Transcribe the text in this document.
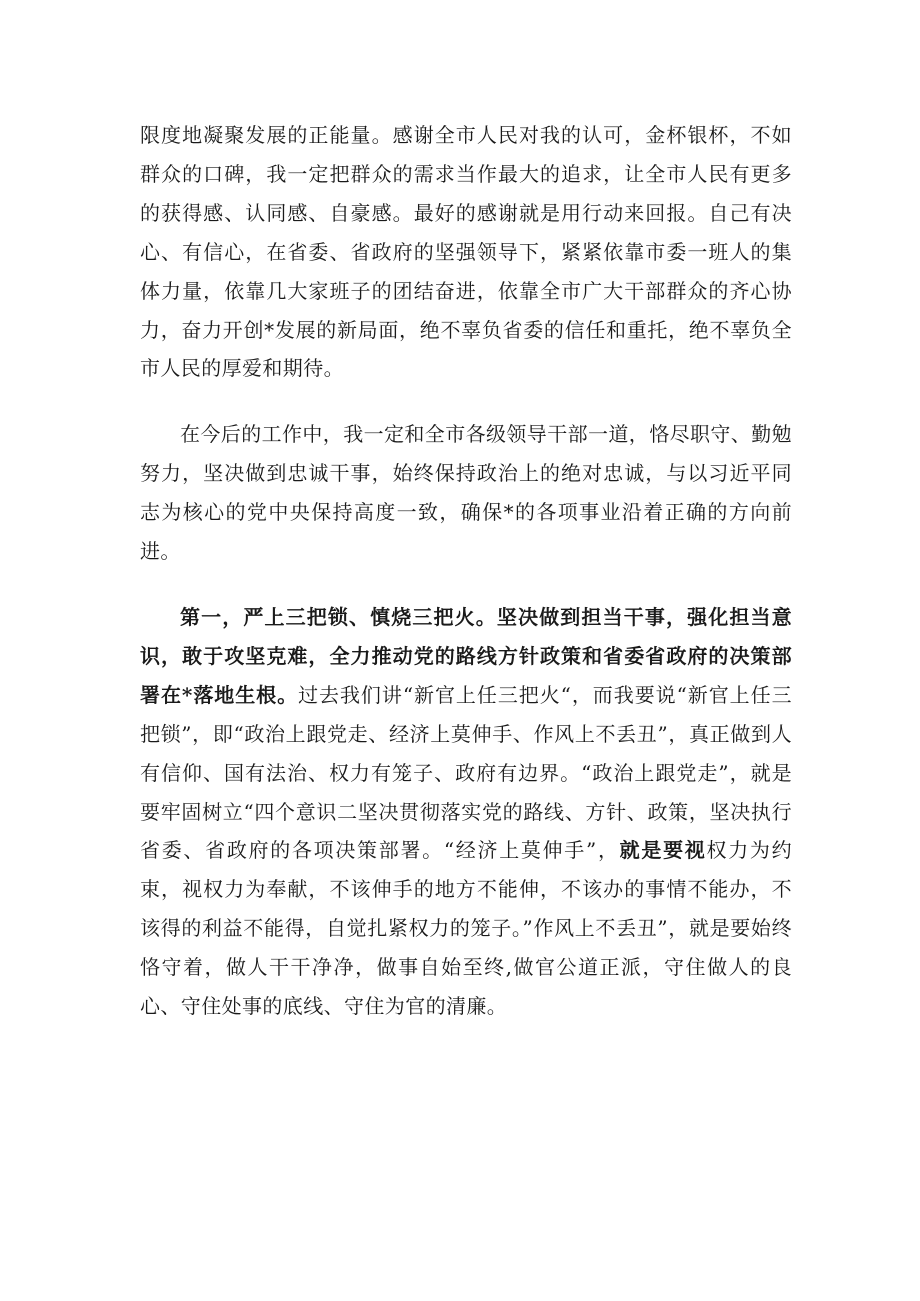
限度地凝聚发展的正能量。感谢全市人民对我的认可，金杯银杯，不如群众的口碑，我一定把群众的需求当作最大的追求，让全市人民有更多的获得感、认同感、自豪感。最好的感谢就是用行动来回报。自己有决心、有信心，在省委、省政府的坚强领导下，紧紧依靠市委一班人的集体力量，依靠几大家班子的团结奋进，依靠全市广大干部群众的齐心协力，奋力开创*发展的新局面，绝不辜负省委的信任和重托，绝不辜负全市人民的厚爱和期待。

在今后的工作中，我一定和全市各级领导干部一道，恪尽职守、勤勉努力，坚决做到忠诚干事，始终保持政治上的绝对忠诚，与以习近平同志为核心的党中央保持高度一致，确保*的各项事业沿着正确的方向前进。

第一，严上三把锁、慎烧三把火。坚决做到担当干事，强化担当意识，敢于攻坚克难，全力推动党的路线方针政策和省委省政府的决策部署在*落地生根。过去我们讲“新官上任三把火“，而我要说“新官上任三把锁”，即“政治上跟党走、经济上莫伸手、作风上不丢丑”，真正做到人有信仰、国有法治、权力有笼子、政府有边界。“政治上跟党走”，就是要牢固树立“四个意识二坚决贯彻落实党的路线、方针、政策，坚决执行省委、省政府的各项决策部署。“经济上莫伸手”，就是要视权力为约束，视权力为奉献，不该伸手的地方不能伸，不该办的事情不能办，不该得的利益不能得，自觉扎紧权力的笼子。”作风上不丢丑”，就是要始终恪守着，做人干干净净，做事自始至终,做官公道正派，守住做人的良心、守住处事的底线、守住为官的清廉。
